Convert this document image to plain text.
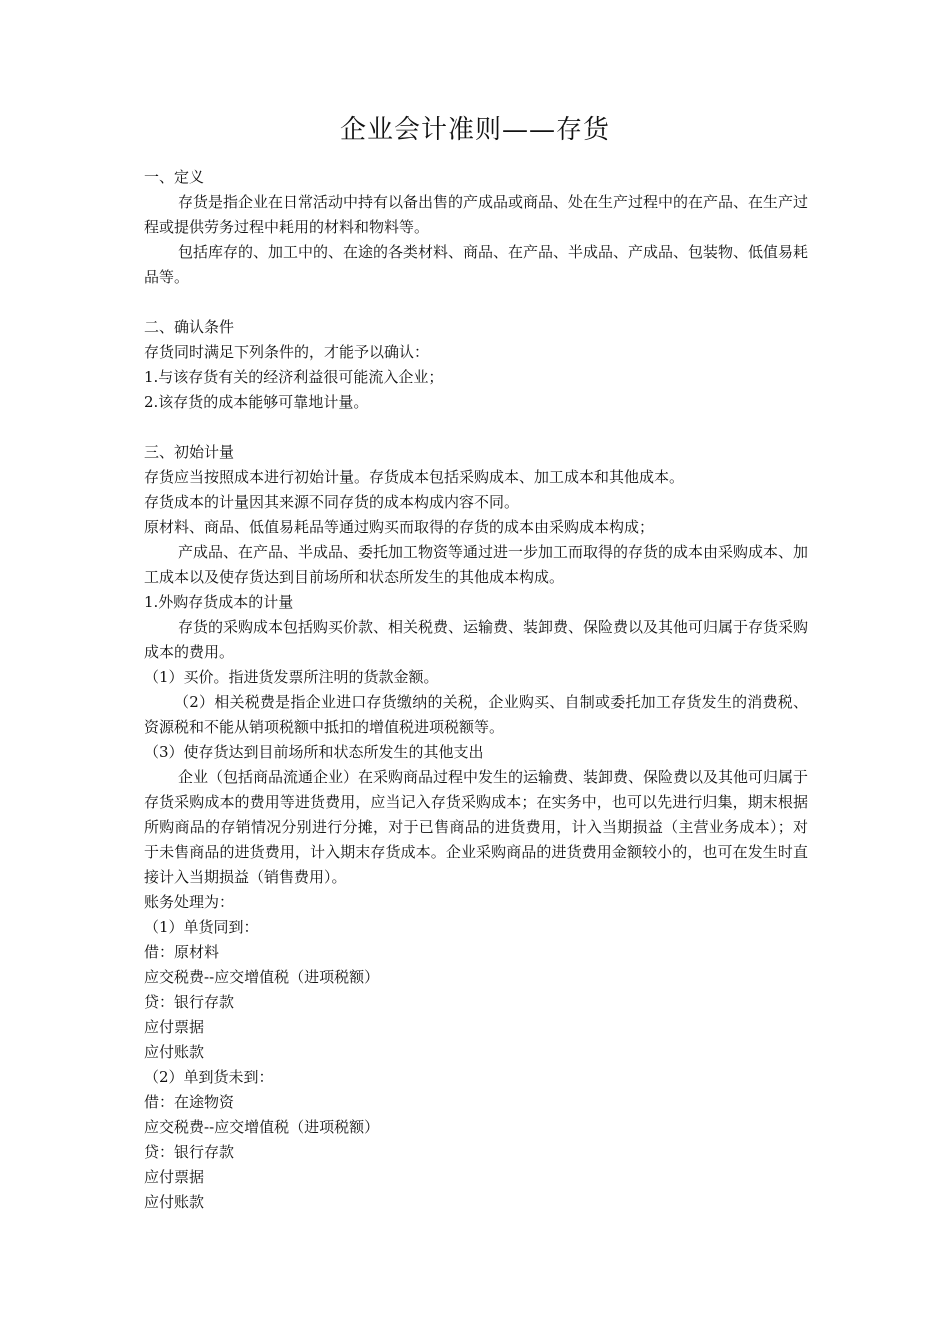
企业会计准则——存货

一、定义

存货是指企业在日常活动中持有以备出售的产成品或商品、处在生产过程中的在产品、在生产过程或提供劳务过程中耗用的材料和物料等。

包括库存的、加工中的、在途的各类材料、商品、在产品、半成品、产成品、包装物、低值易耗品等。

二、确认条件

存货同时满足下列条件的，才能予以确认：

1.与该存货有关的经济利益很可能流入企业；

2.该存货的成本能够可靠地计量。

三、初始计量

存货应当按照成本进行初始计量。存货成本包括采购成本、加工成本和其他成本。

存货成本的计量因其来源不同存货的成本构成内容不同。

原材料、商品、低值易耗品等通过购买而取得的存货的成本由采购成本构成；

产成品、在产品、半成品、委托加工物资等通过进一步加工而取得的存货的成本由采购成本、加工成本以及使存货达到目前场所和状态所发生的其他成本构成。

1.外购存货成本的计量

存货的采购成本包括购买价款、相关税费、运输费、装卸费、保险费以及其他可归属于存货采购成本的费用。

（1）买价。指进货发票所注明的货款金额。

（2）相关税费是指企业进口存货缴纳的关税，企业购买、自制或委托加工存货发生的消费税、资源税和不能从销项税额中抵扣的增值税进项税额等。

（3）使存货达到目前场所和状态所发生的其他支出

企业（包括商品流通企业）在采购商品过程中发生的运输费、装卸费、保险费以及其他可归属于存货采购成本的费用等进货费用，应当记入存货采购成本；在实务中，也可以先进行归集，期末根据所购商品的存销情况分别进行分摊，对于已售商品的进货费用，计入当期损益（主营业务成本）；对于未售商品的进货费用，计入期末存货成本。企业采购商品的进货费用金额较小的，也可在发生时直接计入当期损益（销售费用）。

账务处理为：

（1）单货同到：

借：原材料

应交税费--应交增值税（进项税额）

贷：银行存款

应付票据

应付账款

（2）单到货未到：

借：在途物资

应交税费--应交增值税（进项税额）

贷：银行存款

应付票据

应付账款
